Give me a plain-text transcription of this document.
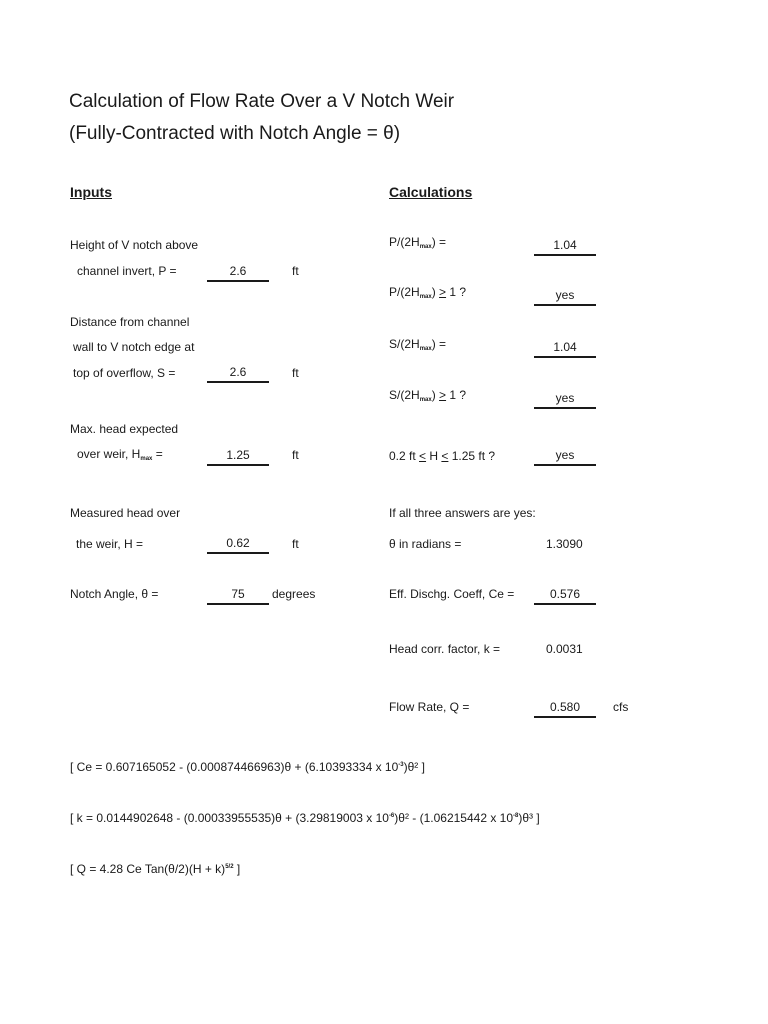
Calculation of Flow Rate Over a V Notch Weir
(Fully-Contracted with Notch Angle = θ)
Inputs	Calculations
Height of V notch above
channel invert, P =	2.6	ft
Distance from channel
wall to V notch edge at
top of overflow, S =	2.6	ft
Max. head expected
over weir, $H_{max}$ =	1.25	ft
Measured head over
the weir, H =	0.62	ft
Notch Angle, θ =	75	degrees
$P/(2H_{max})$ =	1.04
$P/(2H_{max}) > 1$ ?	yes
$S/(2H_{max})$ =	1.04
$S/(2H_{max}) > 1$ ?	yes
0.2 ft < H < 1.25 ft ?	yes
If all three answers are yes:
θ in radians =	1.3090
Eff. Dischg. Coeff, Ce =	0.576
Head corr. factor, k =	0.0031
Flow Rate, Q =	0.580	cfs
[ Ce = 0.607165052 - (0.000874466963)θ + (6.10393334 x $10^{-3})\theta^2$ ]
[ k = 0.0144902648 - (0.00033955535)θ + (3.29819003 x $10^{-6})\theta^2 - (1.06215442$ x $10^{-8})\theta^3$ ]
[ Q = 4.28 Ce $Tan(\theta/2)(H + k)^{5/2}$ ]
